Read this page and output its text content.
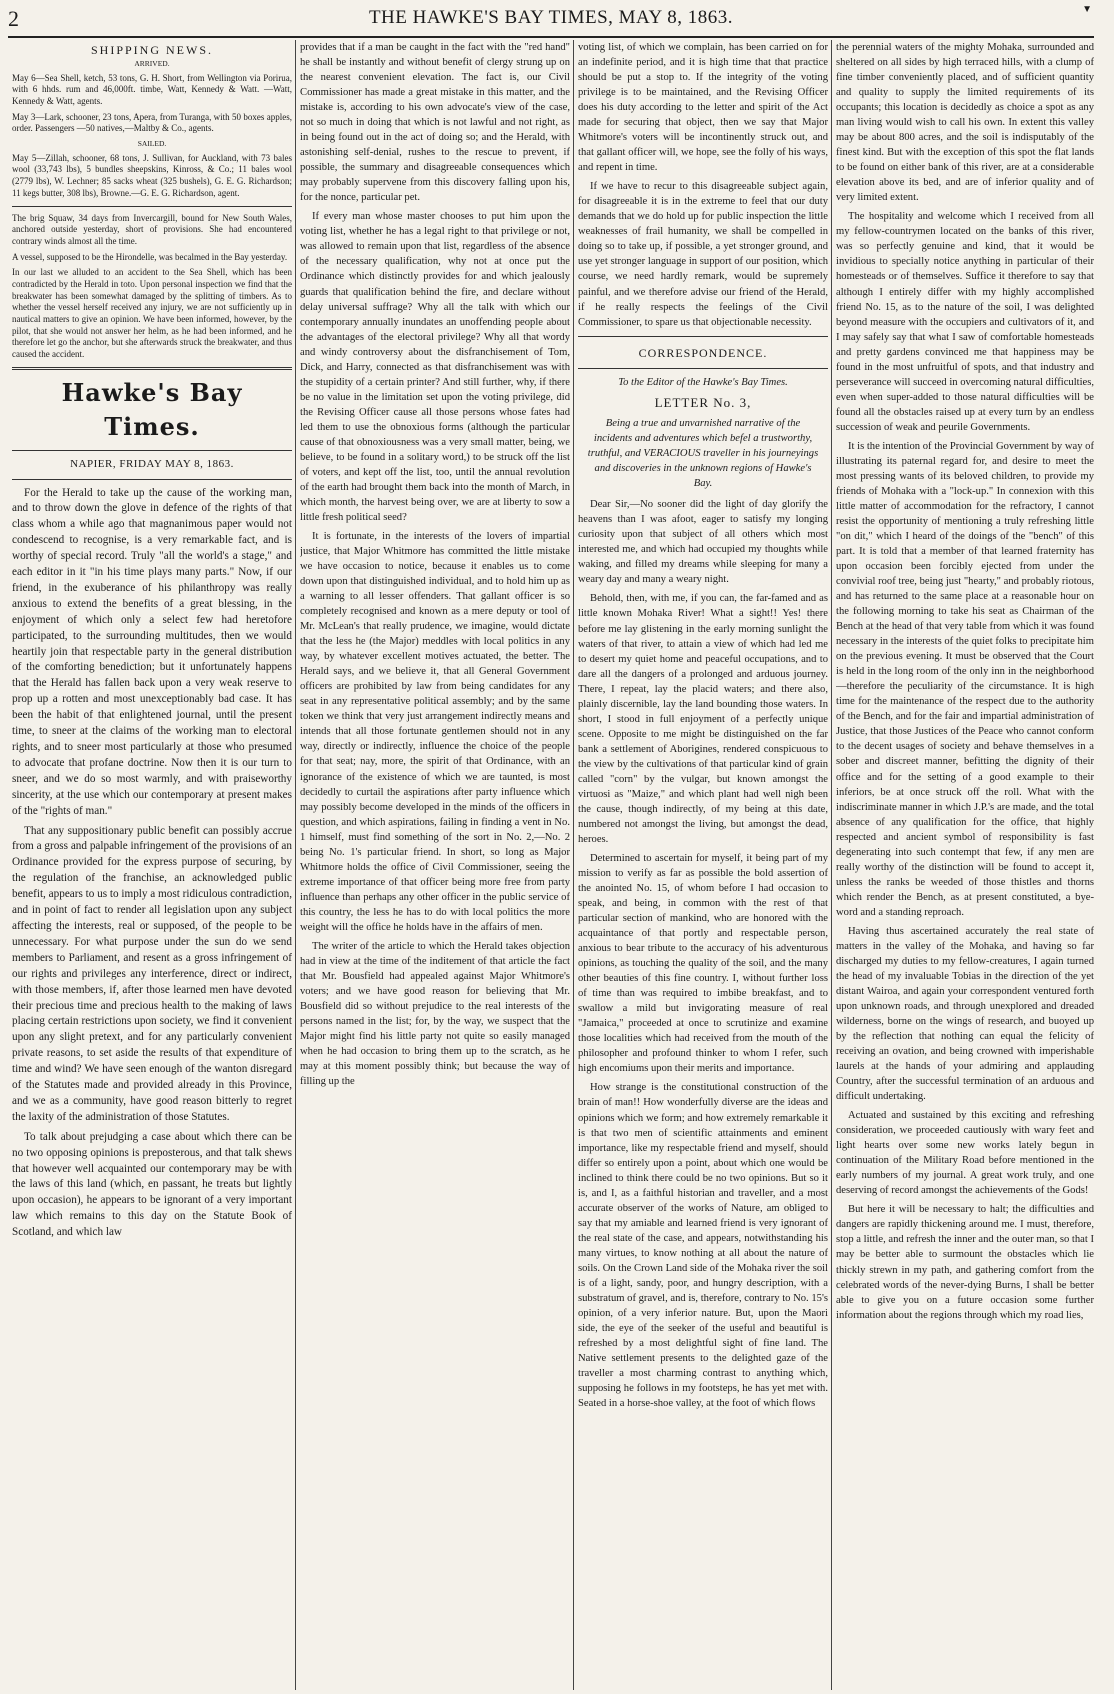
2	THE HAWKE'S BAY TIMES, MAY 8, 1863.	▼
SHIPPING NEWS.
ARRIVED.

May 6—Sea Shell, ketch, 53 tons, G. H. Short, from Wellington via Porirua, with 6 hhds. rum and 46,000ft. timbe, Watt, Kennedy & Watt. —Watt, Kennedy & Watt, agents.

May 3—Lark, schooner, 23 tons, Apera, from Turanga, with 50 boxes apples, order. Passengers —50 natives,—Maltby & Co., agents.

SAILED.

May 5—Zillah, schooner, 68 tons, J. Sullivan, for Auckland, with 73 bales wool (33,743 lbs), 5 bundles sheepskins, Kinross, & Co.; 11 bales wool (2779 lbs), W. Lechner; 85 sacks wheat (325 bushels), G. E. G. Richardson; 11 kegs butter, 308 lbs), Browne.—G. E. G. Richardson, agent.

The brig Squaw, 34 days from Invercargill, bound for New South Wales, anchored outside yesterday, short of provisions. She had encountered contrary winds almost all the time.

A vessel, supposed to be the Hirondelle, was becalmed in the Bay yesterday.

In our last we alluded to an accident to the Sea Shell, which has been contradicted by the Herald in toto. Upon personal inspection we find that the breakwater has been somewhat damaged by the splitting of timbers. As to whether the vessel herself received any injury, we are not sufficiently up in nautical matters to give an opinion. We have been informed, however, by the pilot, that she would not answer her helm, as he had been informed, and he therefore let go the anchor, but she afterwards struck the breakwater, and thus caused the accident.

Hawke's Bay Times.
NAPIER, FRIDAY MAY 8, 1863.

For the Herald to take up the cause of the working man, and to throw down the glove in defence of the rights of that class whom a while ago that magnanimous paper would not condescend to recognise, is a very remarkable fact, and is worthy of special record. Truly "all the world's a stage," and each editor in it "in his time plays many parts." Now, if our friend, in the exuberance of his philanthropy was really anxious to extend the benefits of a great blessing, in the enjoyment of which only a select few had heretofore participated, to the surrounding multitudes, then we would heartily join that respectable party in the general distribution of the comforting benediction; but it unfortunately happens that the Herald has fallen back upon a very weak reserve to prop up a rotten and most unexceptionably bad case. It has been the habit of that enlightened journal, until the present time, to sneer at the claims of the working man to electoral rights, and to sneer most particularly at those who presumed to advocate that profane doctrine. Now then it is our turn to sneer, and we do so most warmly, and with praiseworthy sincerity, at the use which our contemporary at present makes of the "rights of man."

That any suppositionary public benefit can possibly accrue from a gross and palpable infringement of the provisions of an Ordinance provided for the express purpose of securing, by the regulation of the franchise, an acknowledged public benefit, appears to us to imply a most ridiculous contradiction, and in point of fact to render all legislation upon any subject affecting the interests, real or supposed, of the people to be unnecessary. For what purpose under the sun do we send members to Parliament, and resent as a gross infringement of our rights and privileges any interference, direct or indirect, with those members, if, after those learned men have devoted their precious time and precious health to the making of laws placing certain restrictions upon society, we find it convenient upon any slight pretext, and for any particularly convenient private reasons, to set aside the results of that expenditure of time and wind? We have seen enough of the wanton disregard of the Statutes made and provided already in this Province, and we as a community, have good reason bitterly to regret the laxity of the administration of those Statutes.

To talk about prejudging a case about which there can be no two opposing opinions is preposterous, and that talk shews that however well acquainted our contemporary may be with the laws of this land (which, en passant, he treats but lightly upon occasion), he appears to be ignorant of a very important law which remains to this day on the Statute Book of Scotland, and which law

provides that if a man be caught in the fact with the "red hand" he shall be instantly and without benefit of clergy strung up on the nearest convenient elevation. The fact is, our Civil Commissioner has made a great mistake in this matter, and the mistake is, according to his own advocate's view of the case, not so much in doing that which is not lawful and not right, as in being found out in the act of doing so; and the Herald, with astonishing self-denial, rushes to the rescue to prevent, if possible, the summary and disagreeable consequences which may probably supervene from this discovery falling upon his, for the nonce, particular pet.

If every man whose master chooses to put him upon the voting list, whether he has a legal right to that privilege or not, was allowed to remain upon that list, regardless of the absence of the necessary qualification, why not at once put the Ordinance which distinctly provides for and which jealously guards that qualification behind the fire, and declare without delay universal suffrage? Why all the talk with which our contemporary annually inundates an unoffending people about the advantages of the electoral privilege? Why all that wordy and windy controversy about the disfranchisement of Tom, Dick, and Harry, connected as that disfranchisement was with the stupidity of a certain printer? And still further, why, if there be no value in the limitation set upon the voting privilege, did the Revising Officer cause all those persons whose fates had led them to use the obnoxious forms (although the particular cause of that obnoxiousness was a very small matter, being, we believe, to be found in a solitary word,) to be struck off the list of voters, and kept off the list, too, until the annual revolution of the earth had brought them back into the month of March, in which month, the harvest being over, we are at liberty to sow a little fresh political seed?

It is fortunate, in the interests of the lovers of impartial justice, that Major Whitmore has committed the little mistake we have occasion to notice, because it enables us to come down upon that distinguished individual, and to hold him up as a warning to all lesser offenders. That gallant officer is so completely recognised and known as a mere deputy or tool of Mr. McLean's that really prudence, we imagine, would dictate that the less he (the Major) meddles with local politics in any way, by whatever excellent motives actuated, the better. The Herald says, and we believe it, that all General Government officers are prohibited by law from being candidates for any seat in any representative political assembly; and by the same token we think that very just arrangement indirectly means and intends that all those fortunate gentlemen should not in any way, directly or indirectly, influence the choice of the people for that seat; nay, more, the spirit of that Ordinance, with an ignorance of the existence of which we are taunted, is most decidedly to curtail the aspirations after party influence which may possibly become developed in the minds of the officers in question, and which aspirations, failing in finding a vent in No. 1 himself, must find something of the sort in No. 2,—No. 2 being No. 1's particular friend. In short, so long as Major Whitmore holds the office of Civil Commissioner, seeing the extreme importance of that officer being more free from party influence than perhaps any other officer in the public service of this country, the less he has to do with local politics the more weight will the office he holds have in the affairs of men.

The writer of the article to which the Herald takes objection had in view at the time of the inditement of that article the fact that Mr. Bousfield had appealed against Major Whitmore's voters; and we have good reason for believing that Mr. Bousfield did so without prejudice to the real interests of the persons named in the list; for, by the way, we suspect that the Major might find his little party not quite so easily managed when he had occasion to bring them up to the scratch, as he may at this moment possibly think; but because the way of filling up the

voting list, of which we complain, has been carried on for an indefinite period, and it is high time that that practice should be put a stop to. If the integrity of the voting privilege is to be maintained, and the Revising Officer does his duty according to the letter and spirit of the Act made for securing that object, then we say that Major Whitmore's voters will be incontinently struck out, and that gallant officer will, we hope, see the folly of his ways, and repent in time.

If we have to recur to this disagreeable subject again, for disagreeable it is in the extreme to feel that our duty demands that we do hold up for public inspection the little weaknesses of frail humanity, we shall be compelled in doing so to take up, if possible, a yet stronger ground, and use yet stronger language in support of our position, which course, we need hardly remark, would be supremely painful, and we therefore advise our friend of the Herald, if he really respects the feelings of the Civil Commissioner, to spare us that objectionable necessity.

CORRESPONDENCE.
To the Editor of the Hawke's Bay Times.
LETTER No. 3,
Being a true and unvarnished narrative of the incidents and adventures which befel a trustworthy, truthful, and VERACIOUS traveller in his journeyings and discoveries in the unknown regions of Hawke's Bay.

Dear Sir,—No sooner did the light of day glorify the heavens than I was afoot, eager to satisfy my longing curiosity upon that subject of all others which most interested me, and which had occupied my thoughts while waking, and filled my dreams while sleeping for many a weary day and many a weary night.

Behold, then, with me, if you can, the far-famed and as little known Mohaka River! What a sight!! Yes! there before me lay glistening in the early morning sunlight the waters of that river, to attain a view of which had led me to desert my quiet home and peaceful occupations, and to dare all the dangers of a prolonged and arduous journey. There, I repeat, lay the placid waters; and there also, plainly discernible, lay the land bounding those waters. In short, I stood in full enjoyment of a perfectly unique scene. Opposite to me might be distinguished on the far bank a settlement of Aborigines, rendered conspicuous to the view by the cultivations of that particular kind of grain called "corn" by the vulgar, but known amongst the virtuosi as "Maize," and which plant had well nigh been the cause, though indirectly, of my being at this date, numbered not amongst the living, but amongst the dead, heroes.

Determined to ascertain for myself, it being part of my mission to verify as far as possible the bold assertion of the anointed No. 15, of whom before I had occasion to speak, and being, in common with the rest of that particular section of mankind, who are honored with the acquaintance of that portly and respectable person, anxious to bear tribute to the accuracy of his adventurous opinions, as touching the quality of the soil, and the many other beauties of this fine country. I, without further loss of time than was required to imbibe breakfast, and to swallow a mild but invigorating measure of real "Jamaica," proceeded at once to scrutinize and examine those localities which had received from the mouth of the philosopher and profound thinker to whom I refer, such high encomiums upon their merits and importance.

How strange is the constitutional construction of the brain of man!! How wonderfully diverse are the ideas and opinions which we form; and how extremely remarkable it is that two men of scientific attainments and eminent importance, like my respectable friend and myself, should differ so entirely upon a point, about which one would be inclined to think there could be no two opinions. But so it is, and I, as a faithful historian and traveller, and a most accurate observer of the works of Nature, am obliged to say that my amiable and learned friend is very ignorant of the real state of the case, and appears, notwithstanding his many virtues, to know nothing at all about the nature of soils. On the Crown Land side of the Mohaka river the soil is of a light, sandy, poor, and hungry description, with a substratum of gravel, and is, therefore, contrary to No. 15's opinion, of a very inferior nature. But, upon the Maori side, the eye of the seeker of the useful and beautiful is refreshed by a most delightful sight of fine land. The Native settlement presents to the delighted gaze of the traveller a most charming contrast to anything which, supposing he follows in my footsteps, he has yet met with. Seated in a horse-shoe valley, at the foot of which flows

the perennial waters of the mighty Mohaka, surrounded and sheltered on all sides by high terraced hills, with a clump of fine timber conveniently placed, and of sufficient quantity and quality to supply the limited requirements of its occupants; this location is decidedly as choice a spot as any man living would wish to call his own. In extent this valley may be about 800 acres, and the soil is indisputably of the finest kind. But with the exception of this spot the flat lands to be found on either bank of this river, are at a considerable elevation above its bed, and are of inferior quality and of very limited extent.

The hospitality and welcome which I received from all my fellow-countrymen located on the banks of this river, was so perfectly genuine and kind, that it would be invidious to specially notice anything in particular of their homesteads or of themselves. Suffice it therefore to say that although I entirely differ with my highly accomplished friend No. 15, as to the nature of the soil, I was delighted beyond measure with the occupiers and cultivators of it, and I may safely say that what I saw of comfortable homesteads and pretty gardens convinced me that happiness may be found in the most unfruitful of spots, and that industry and perseverance will succeed in overcoming natural difficulties, even when super-added to those natural difficulties will be found all the obstacles raised up at every turn by an endless succession of weak and peurile Governments.

It is the intention of the Provincial Government by way of illustrating its paternal regard for, and desire to meet the most pressing wants of its beloved children, to provide my friends of Mohaka with a "lock-up." In connexion with this little matter of accommodation for the refractory, I cannot resist the opportunity of mentioning a truly refreshing little "on dit," which I heard of the doings of the "bench" of this part. It is told that a member of that learned fraternity has upon occasion been forcibly ejected from under the convivial roof tree, being just "hearty," and probably riotous, and has returned to the same place at a reasonable hour on the following morning to take his seat as Chairman of the Bench at the head of that very table from which it was found necessary in the interests of the quiet folks to precipitate him on the previous evening. It must be observed that the Court is held in the long room of the only inn in the neighborhood—therefore the peculiarity of the circumstance. It is high time for the maintenance of the respect due to the authority of the Bench, and for the fair and impartial administration of Justice, that those Justices of the Peace who cannot conform to the decent usages of society and behave themselves in a sober and discreet manner, befitting the dignity of their office and for the setting of a good example to their inferiors, be at once struck off the roll. What with the indiscriminate manner in which J.P.'s are made, and the total absence of any qualification for the office, that highly respected and ancient symbol of responsibility is fast degenerating into such contempt that few, if any men are really worthy of the distinction will be found to accept it, unless the ranks be weeded of those thistles and thorns which render the Bench, as at present constituted, a bye-word and a standing reproach.

Having thus ascertained accurately the real state of matters in the valley of the Mohaka, and having so far discharged my duties to my fellow-creatures, I again turned the head of my invaluable Tobias in the direction of the yet distant Wairoa, and again your correspondent ventured forth upon unknown roads, and through unexplored and dreaded wilderness, borne on the wings of research, and buoyed up by the reflection that nothing can equal the felicity of receiving an ovation, and being crowned with imperishable laurels at the hands of your admiring and applauding Country, after the successful termination of an arduous and difficult undertaking.

Actuated and sustained by this exciting and refreshing consideration, we proceeded cautiously with wary feet and light hearts over some new works lately begun in continuation of the Military Road before mentioned in the early numbers of my journal. A great work truly, and one deserving of record amongst the achievements of the Gods!

But here it will be necessary to halt; the difficulties and dangers are rapidly thickening around me. I must, therefore, stop a little, and refresh the inner and the outer man, so that I may be better able to surmount the obstacles which lie thickly strewn in my path, and gathering comfort from the celebrated words of the never-dying Burns, I shall be better able to give you on a future occasion some further information about the regions through which my road lies,
